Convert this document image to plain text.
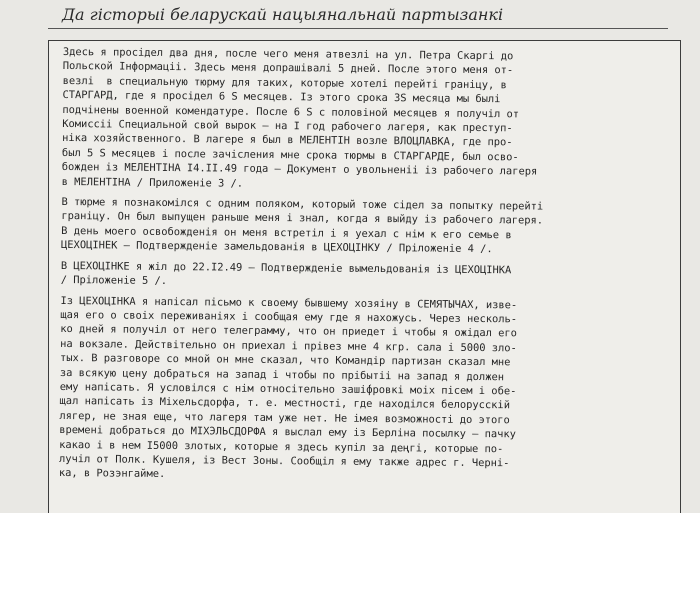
Да гісторыі беларускай нацыянальнай партызанкі
Здесь я просідел два дня, после чего меня атвезлі на ул. Петра Скаргі до
Польской Інформаціі. Здесь меня допрашівалі 5 дней. После этого меня от-
везлі  в специальную тюрму для таких, которые хотелі перейті граніцу, в
СТАРГАРД, где я просідел 6 S месяцев. Із этого срока 3S месяца мы былі
подчінены военной комендатуре. После 6 S с половіной месяцев я получіл от
Комиссіі Специальной свой вырок – на I год рабочего лагеря, как преступ-
ніка хозяйственного. В лагере я был в МЕЛЕНТІН возле ВЛОЦЛАВКА, где про-
был 5 S месяцев і после зачісления мне срока тюрмы в СТАРГАРДЕ, был осво-
божден із МЕЛЕНТІНА I4.II.49 года – Документ о увольненіі із рабочего лагеря
в МЕЛЕНТІНА / Приложеніе 3 /.
В тюрме я познакомілся с одним поляком, который тоже сідел за попытку перейті
граніцу. Он был выпущен раньше меня і знал, когда я выйду із рабочего лагеря.
В день моего освобожденія он меня встретіл і я уехал с нім к его семье в
ЦЕХОЦІНЕК – Подтвержденіе замельдованія в ЦЕХОЦІНКУ / Пріложеніе 4 /.
В ЦЕХОЦІНКЕ я жіл до 22.I2.49 – Подтвержденіе вымельдованія із ЦЕХОЦІНКА
/ Пріложеніе 5 /.
Із ЦЕХОЦІНКА я напісал пісьмо к своему бывшему хозяіну в СЕМЯТЫЧАХ, изве-
щая его о своіх переживаніях і сообщая ему где я нахожусь. Через несколь-
ко дней я получіл от него телеграмму, что он приедет і чтобы я ожідал его
на вокзале. Действітельно он приехал і прівез мне 4 кгр. сала і 5000 зло-
тых. В разговоре со мной он мне сказал, что Командір партизан сказал мне
за всякую цену добраться на запад і чтобы по прібытіі на запад я должен
ему напісать. Я условілся с нім относітельно заші́фровкі моіх пісем і обе-
щал напісать із Міхельсдорфа, т. е. местності, где находілся белорусскій
лягер, не зная еще, что лагеря там уже нет. Не імея возможності до этого
времені добраться до МІХЭЛЬСДОРФА я выслал ему із Берліна посылку – пачку
какао і в нем I5000 злотых, которые я здесь купіл за деңгі, которые по-
лучіл от Полк. Кушеля, із Вест Зоны. Сообщіл я ему также адрес г. Черні-
ка, в Розэнгайме.
